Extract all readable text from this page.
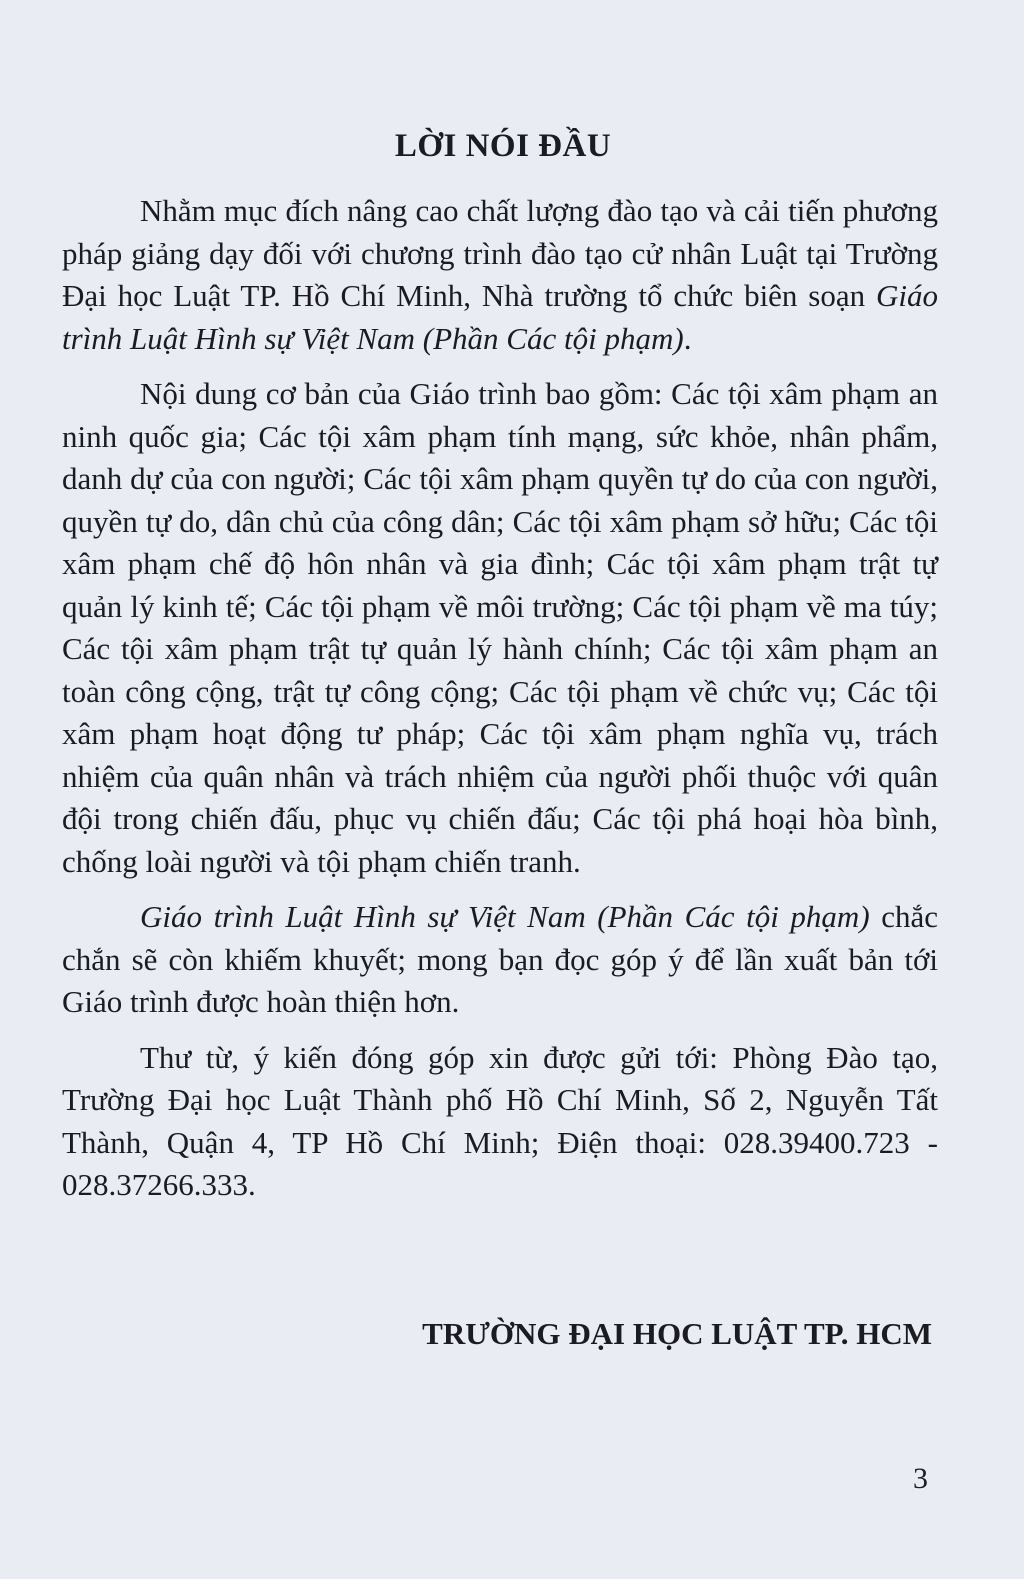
LỜI NÓI ĐẦU

Nhằm mục đích nâng cao chất lượng đào tạo và cải tiến phương pháp giảng dạy đối với chương trình đào tạo cử nhân Luật tại Trường Đại học Luật TP. Hồ Chí Minh, Nhà trường tổ chức biên soạn Giáo trình Luật Hình sự Việt Nam (Phần Các tội phạm).

Nội dung cơ bản của Giáo trình bao gồm: Các tội xâm phạm an ninh quốc gia; Các tội xâm phạm tính mạng, sức khỏe, nhân phẩm, danh dự của con người; Các tội xâm phạm quyền tự do của con người, quyền tự do, dân chủ của công dân; Các tội xâm phạm sở hữu; Các tội xâm phạm chế độ hôn nhân và gia đình; Các tội xâm phạm trật tự quản lý kinh tế; Các tội phạm về môi trường; Các tội phạm về ma túy; Các tội xâm phạm trật tự quản lý hành chính; Các tội xâm phạm an toàn công cộng, trật tự công cộng; Các tội phạm về chức vụ; Các tội xâm phạm hoạt động tư pháp; Các tội xâm phạm nghĩa vụ, trách nhiệm của quân nhân và trách nhiệm của người phối thuộc với quân đội trong chiến đấu, phục vụ chiến đấu; Các tội phá hoại hòa bình, chống loài người và tội phạm chiến tranh.

Giáo trình Luật Hình sự Việt Nam (Phần Các tội phạm) chắc chắn sẽ còn khiếm khuyết; mong bạn đọc góp ý để lần xuất bản tới Giáo trình được hoàn thiện hơn.

Thư từ, ý kiến đóng góp xin được gửi tới: Phòng Đào tạo, Trường Đại học Luật Thành phố Hồ Chí Minh, Số 2, Nguyễn Tất Thành, Quận 4, TP Hồ Chí Minh; Điện thoại: 028.39400.723 - 028.37266.333.

TRƯỜNG ĐẠI HỌC LUẬT TP. HCM

3
